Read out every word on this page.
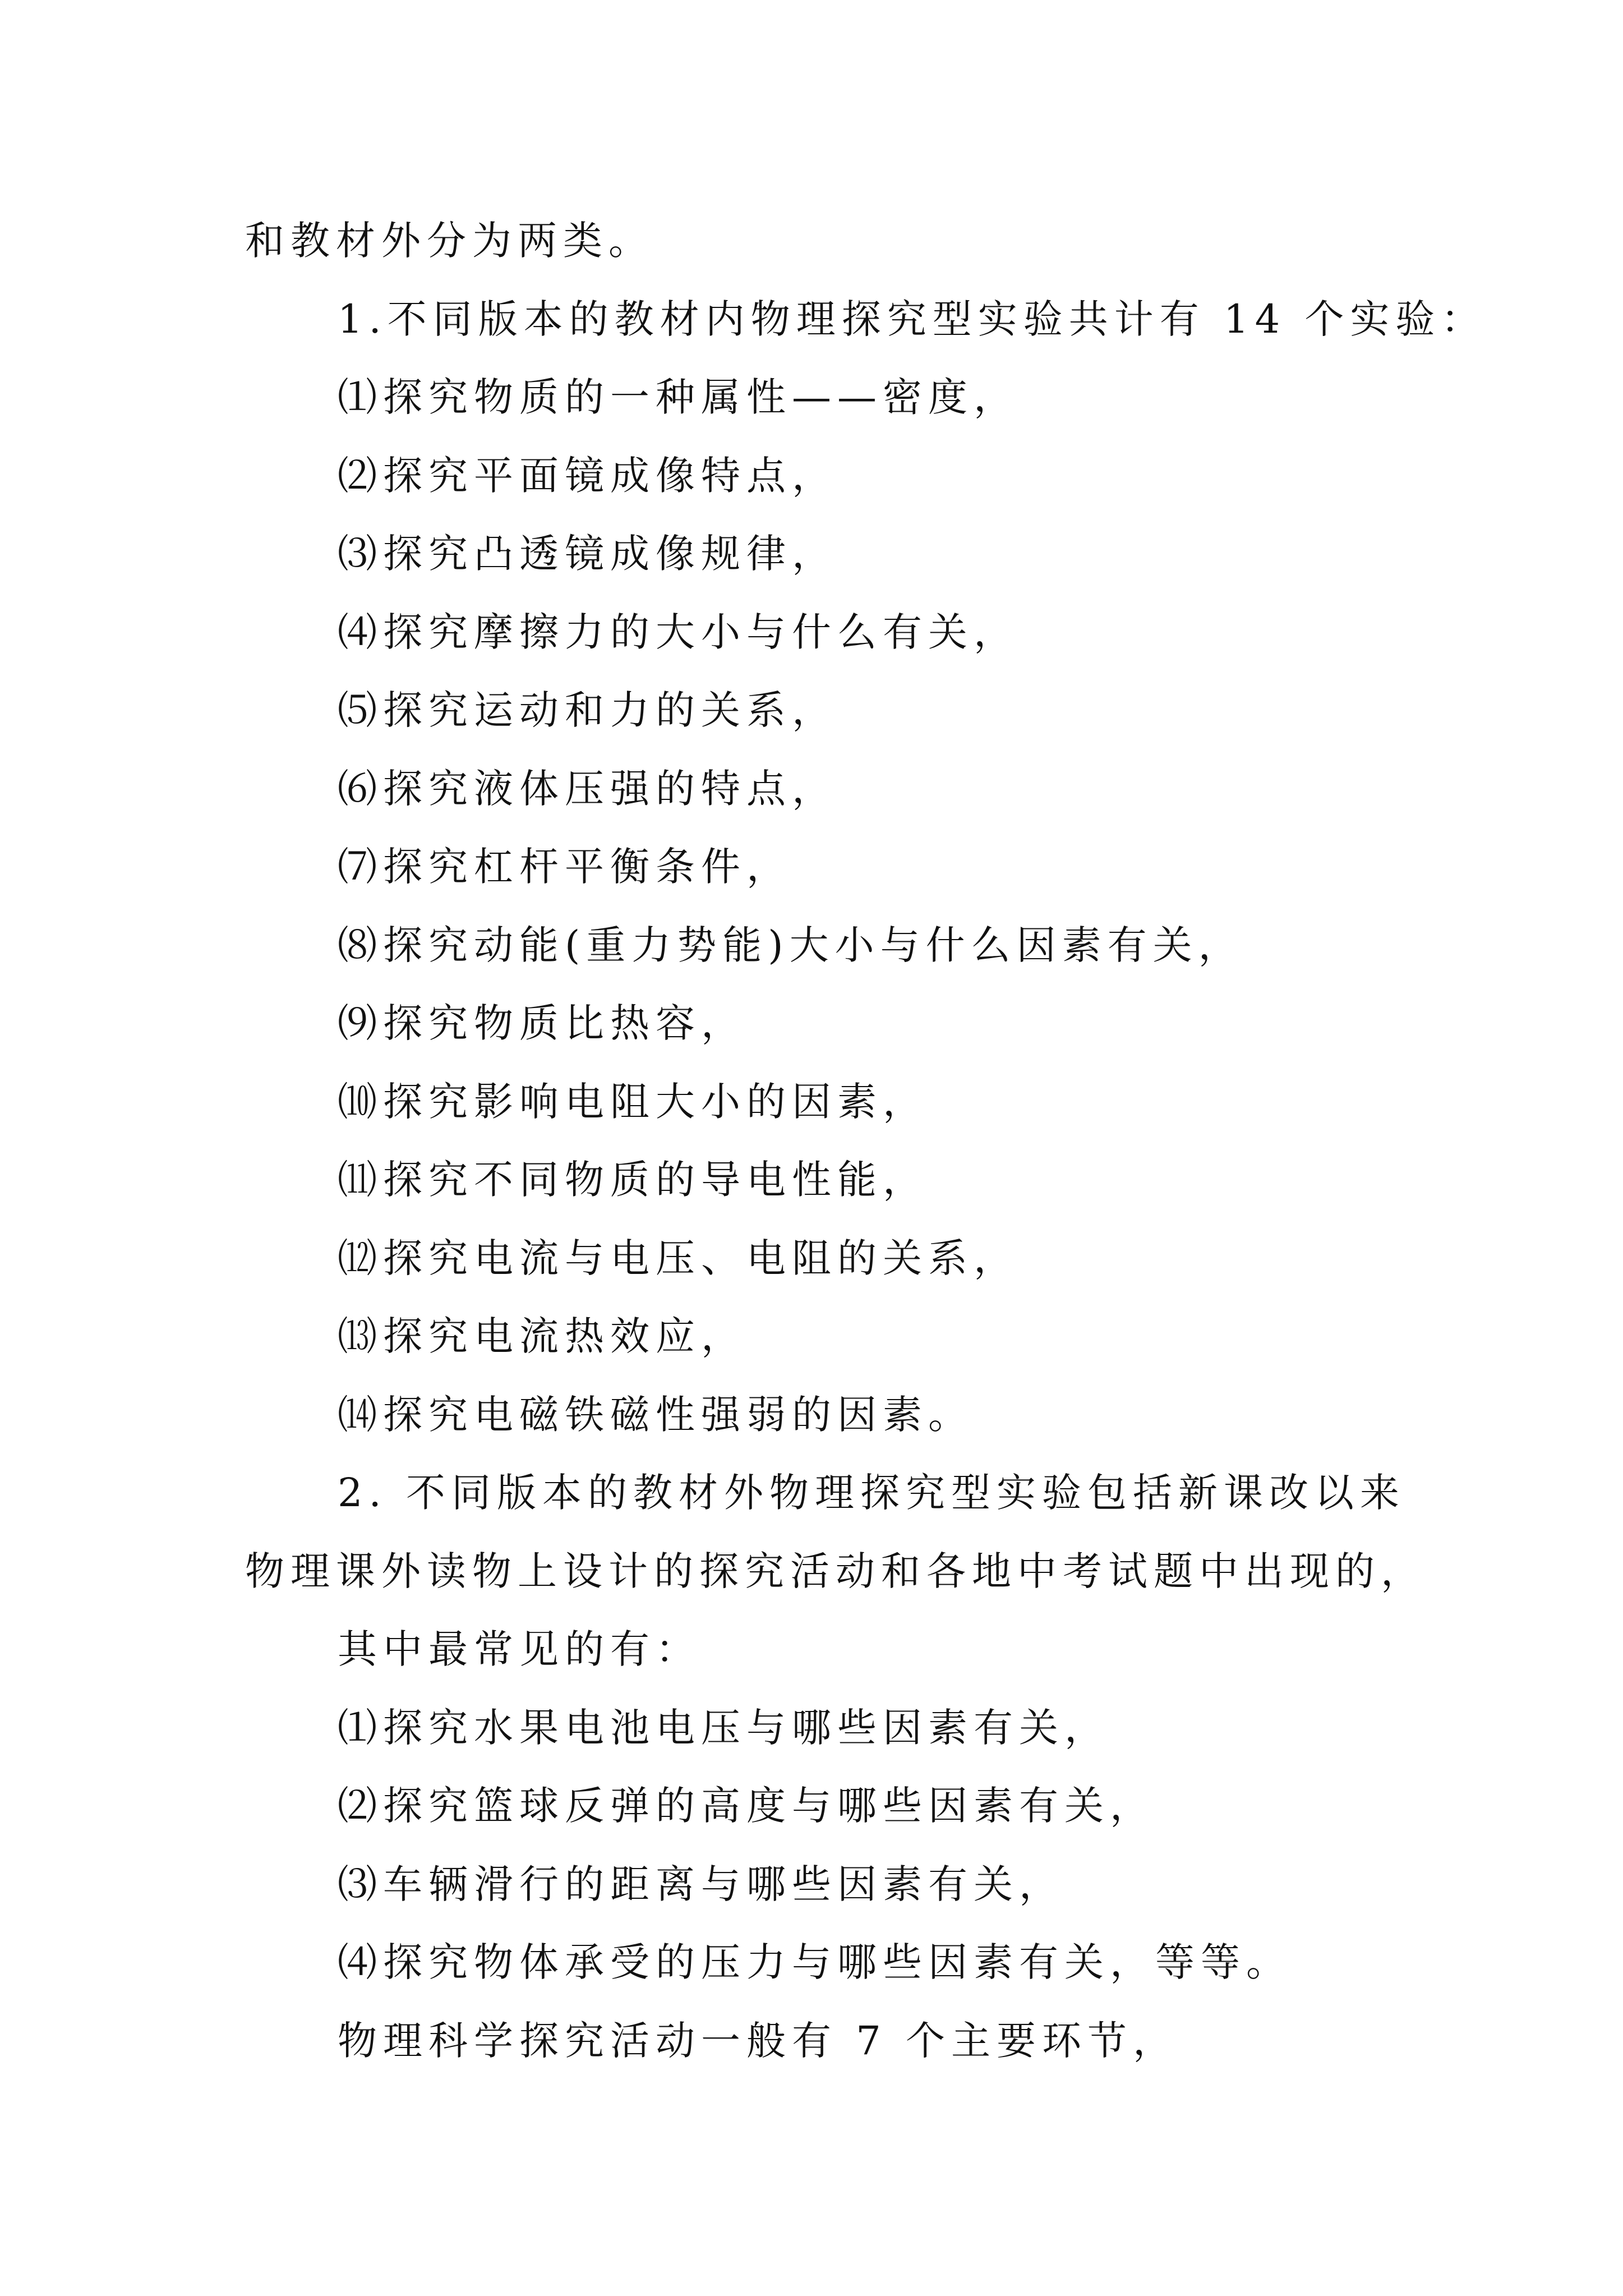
和教材外分为两类。
1.不同版本的教材内物理探究型实验共计有 14 个实验：
⑴探究物质的一种属性——密度，
⑵探究平面镜成像特点，
⑶探究凸透镜成像规律，
⑷探究摩擦力的大小与什么有关，
⑸探究运动和力的关系，
⑹探究液体压强的特点，
⑺探究杠杆平衡条件，
⑻探究动能(重力势能)大小与什么因素有关，
⑼探究物质比热容，
⑽探究影响电阻大小的因素，
⑾探究不同物质的导电性能，
⑿探究电流与电压、电阻的关系，
⒀探究电流热效应，
⒁探究电磁铁磁性强弱的因素。
2. 不同版本的教材外物理探究型实验包括新课改以来
物理课外读物上设计的探究活动和各地中考试题中出现的，
其中最常见的有：
⑴探究水果电池电压与哪些因素有关，
⑵探究篮球反弹的高度与哪些因素有关，
⑶车辆滑行的距离与哪些因素有关，
⑷探究物体承受的压力与哪些因素有关，等等。
物理科学探究活动一般有 7 个主要环节，
